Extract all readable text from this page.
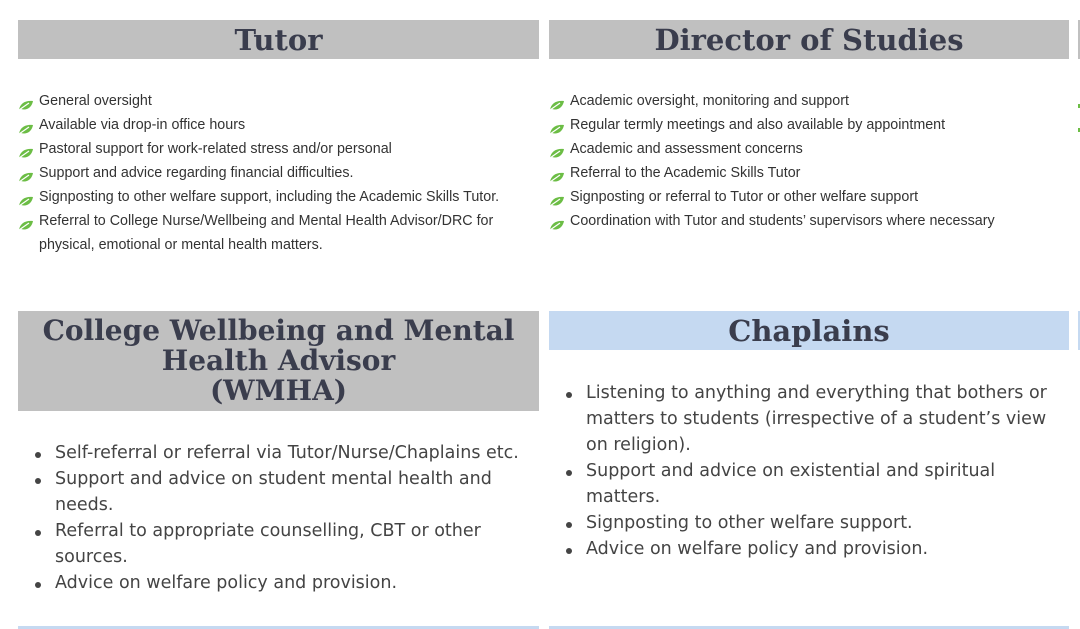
Tutor
General oversight
Available via drop-in office hours
Pastoral support for work-related stress and/or personal
Support and advice regarding financial difficulties.
Signposting to other welfare support, including the Academic Skills Tutor.
Referral to College Nurse/Wellbeing and Mental Health Advisor/DRC for physical, emotional or mental health matters.
Director of Studies
Academic oversight, monitoring and support
Regular termly meetings and also available by appointment
Academic and assessment concerns
Referral to the Academic Skills Tutor
Signposting or referral to Tutor or other welfare support
Coordination with Tutor and students’ supervisors where necessary
College Wellbeing and Mental
Health Advisor
(WMHA)
Self-referral or referral via Tutor/Nurse/Chaplains etc.
Support and advice on student mental health and needs.
Referral to appropriate counselling, CBT or other sources.
Advice on welfare policy and provision.
Chaplains
Listening to anything and everything that bothers or matters to students (irrespective of a student’s view on religion).
Support and advice on existential and spiritual matters.
Signposting to other welfare support.
Advice on welfare policy and provision.
